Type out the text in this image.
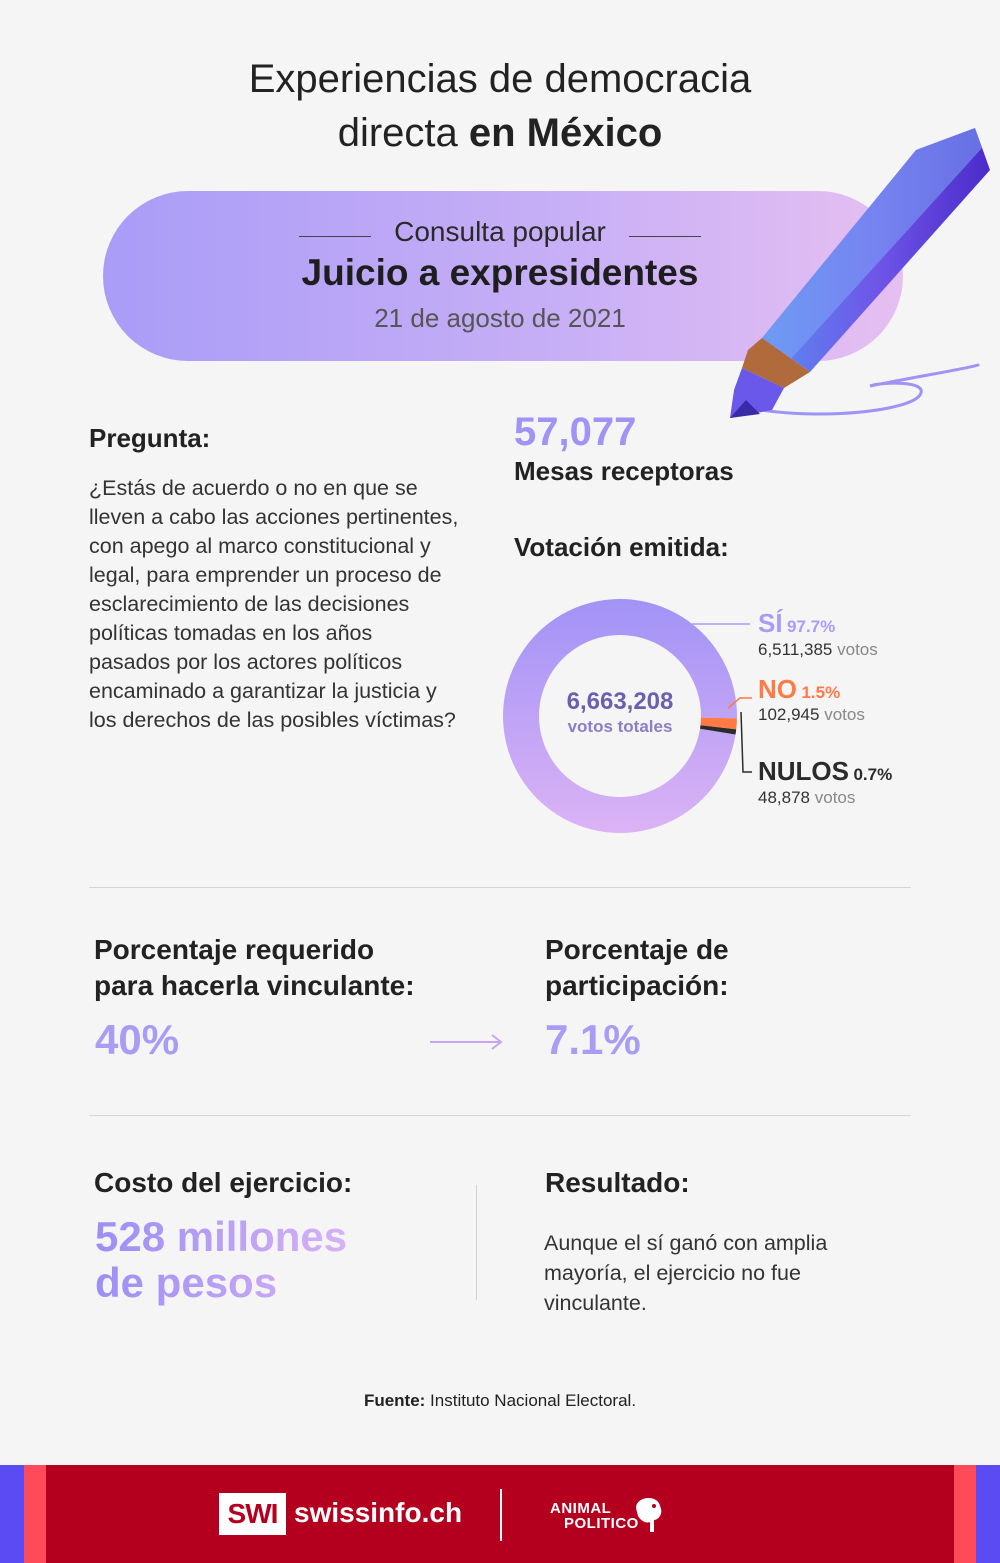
Experiencias de democracia
directa en México
Consulta popular
Juicio a expresidentes
21 de agosto de 2021
Pregunta:
¿Estás de acuerdo o no en que se lleven a cabo las acciones pertinentes, con apego al marco constitucional y legal, para emprender un proceso de esclarecimiento de las decisiones políticas tomadas en los años pasados por los actores políticos encaminado a garantizar la justicia y los derechos de las posibles víctimas?
57,077
Mesas receptoras
Votación emitida:
6,663,208
votos totales
SÍ 97.7%
6,511,385 votos
NO 1.5%
102,945 votos
NULOS 0.7%
48,878 votos
Porcentaje requerido
para hacerla vinculante:
40%
Porcentaje de
participación:
7.1%
Costo del ejercicio:
528 millones
de pesos
Resultado:
Aunque el sí ganó con amplia mayoría, el ejercicio no fue vinculante.
Fuente: Instituto Nacional Electoral.
SWI swissinfo.ch	ANIMAL
POLITICO
